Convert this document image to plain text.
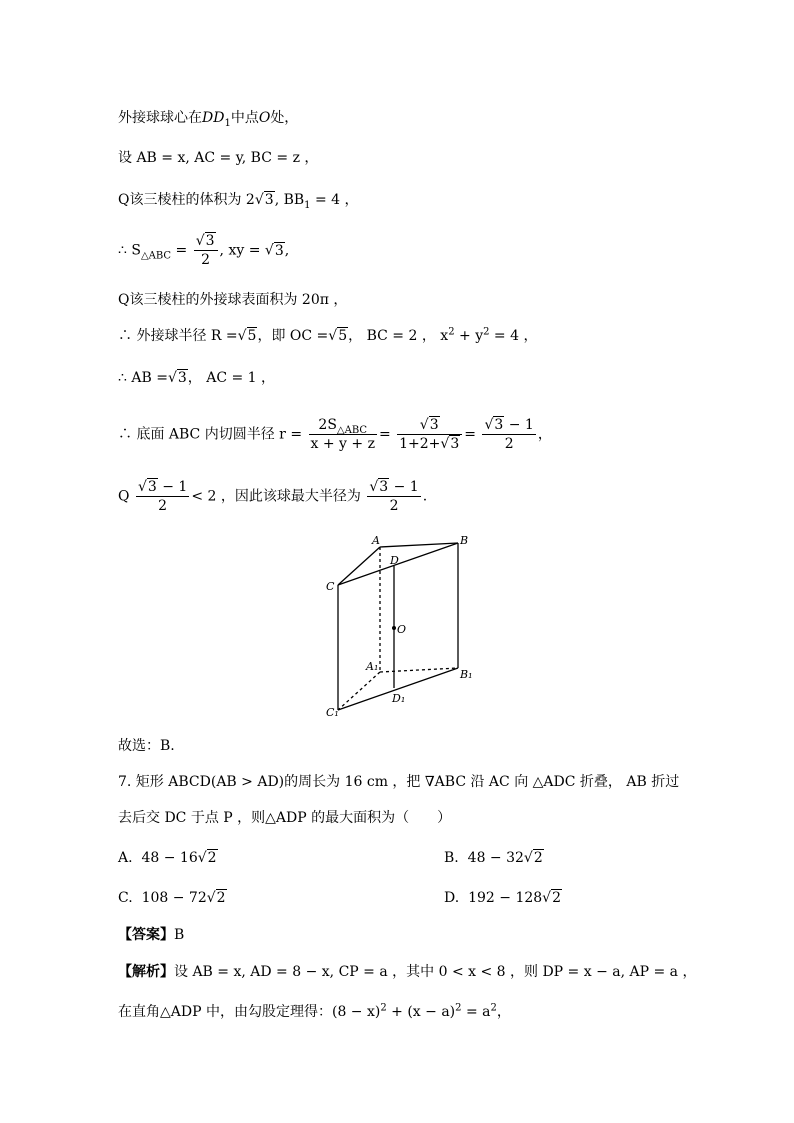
外接球球心在$DD_1$中点O处，
设 AB = x, AC = y, BC = z ，
Q该三棱柱的体积为 2√3, $BB_1 = 4$ ，
∴ $S_{\triangle ABC} = \frac{√3}{2}$ , xy = √3,
Q该三棱柱的外接球表面积为 20π ，
∴ 外接球半径 R =√5，即 OC =√5， BC = 2 ， $x^2 + y^2 = 4$ ，
∴ AB =√3， AC = 1 ，
∴ 底面 ABC 内切圆半径 $r = \frac{2S_{\triangle ABC}}{x + y + z} = \frac{√3}{1+2+√3} = \frac{√3 - 1}{2}$ ，
Q $\frac{√3 - 1}{2} < 2$ ，因此该球最大半径为 $\frac{√3 - 1}{2}$ .
A	B
C
D
O
A₁
B₁
C₁
D₁
故选：B.
7. 矩形 ABCD(AB > AD)的周长为 16 cm ，把 ∇ABC 沿 AC 向 △ADC 折叠， AB 折过
去后交 DC 于点 P ，则△ADP 的最大面积为（　　）
A. 48 − 16√2	B. 48 − 32√2
C. 108 − 72√2	D. 192 − 128√2
【答案】B
【解析】设 AB = x, AD = 8 − x, CP = a ，其中 0 < x < 8 ，则 DP = x − a, AP = a ，
在直角△ADP 中，由勾股定理得：$(8 - x)^2 + (x - a)^2 = a^2$，
